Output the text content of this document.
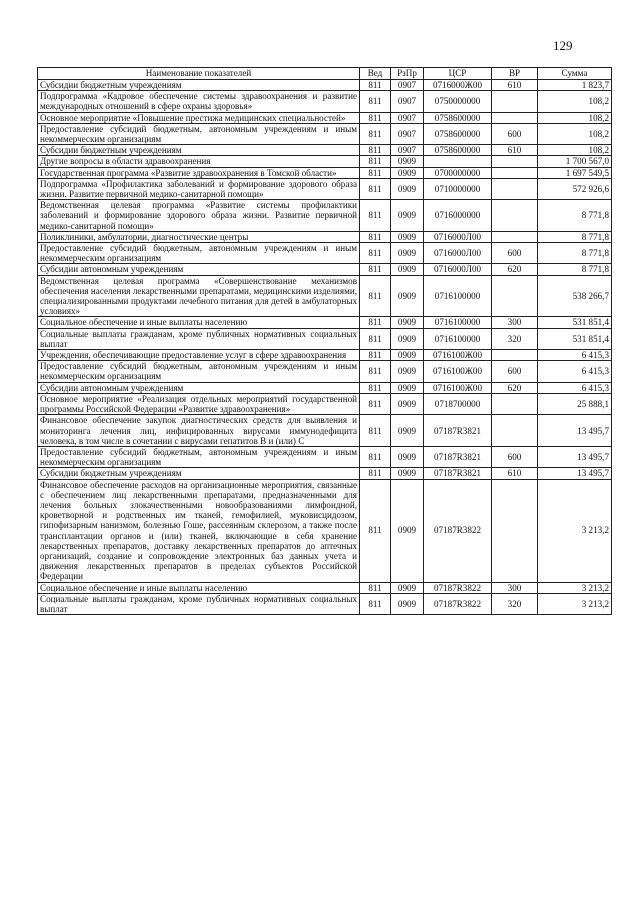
129
Наименование показателей	Вед	РзПр	ЦСР	ВР	Сумма
Субсидии бюджетным учреждениям	811	0907	0716000Ж00	610	1 823,7
Подпрограмма «Кадровое обеспечение системы здравоохранения и развитие международных отношений в сфере охраны здоровья»	811	0907	0750000000		108,2
Основное мероприятие «Повышение престижа медицинских специальностей»	811	0907	0758600000		108,2
Предоставление субсидий бюджетным, автономным учреждениям и иным некоммерческим организациям	811	0907	0758600000	600	108,2
Субсидии бюджетным учреждениям	811	0907	0758600000	610	108,2
Другие вопросы в области здравоохранения	811	0909			1 700 567,0
Государственная программа «Развитие здравоохранения в Томской области»	811	0909	0700000000		1 697 549,5
Подпрограмма «Профилактика заболеваний и формирование здорового образа жизни. Развитие первичной медико-санитарной помощи»	811	0909	0710000000		572 926,6
Ведомственная целевая программа «Развитие системы профилактики заболеваний и формирование здорового образа жизни. Развитие первичной медико-санитарной помощи»	811	0909	0716000000		8 771,8
Поликлиники, амбулатории, диагностические центры	811	0909	0716000Л00		8 771,8
Предоставление субсидий бюджетным, автономным учреждениям и иным некоммерческим организациям	811	0909	0716000Л00	600	8 771,8
Субсидии автономным учреждениям	811	0909	0716000Л00	620	8 771,8
Ведомственная целевая программа «Совершенствование механизмов обеспечения населения лекарственными препаратами, медицинскими изделиями, специализированными продуктами лечебного питания для детей в амбулаторных условиях»	811	0909	0716100000		538 266,7
Социальное обеспечение и иные выплаты населению	811	0909	0716100000	300	531 851,4
Социальные выплаты гражданам, кроме публичных нормативных социальных выплат	811	0909	0716100000	320	531 851,4
Учреждения, обеспечивающие предоставление услуг в сфере здравоохранения	811	0909	0716100Ж00		6 415,3
Предоставление субсидий бюджетным, автономным учреждениям и иным некоммерческим организациям	811	0909	0716100Ж00	600	6 415,3
Субсидии автономным учреждениям	811	0909	0716100Ж00	620	6 415,3
Основное мероприятие «Реализация отдельных мероприятий государственной программы Российской Федерации «Развитие здравоохранения»	811	0909	0718700000		25 888,1
Финансовое обеспечение закупок диагностических средств для выявления и мониторинга лечения лиц, инфицированных вирусами иммунодефицита человека, в том числе в сочетании с вирусами гепатитов B и (или) C	811	0909	07187R3821		13 495,7
Предоставление субсидий бюджетным, автономным учреждениям и иным некоммерческим организациям	811	0909	07187R3821	600	13 495,7
Субсидии бюджетным учреждениям	811	0909	07187R3821	610	13 495,7
Финансовое обеспечение расходов на организационные мероприятия, связанные с обеспечением лиц лекарственными препаратами, предназначенными для лечения больных злокачественными новообразованиями лимфоидной, кроветворной и родственных им тканей, гемофилией, муковисцидозом, гипофизарным нанизмом, болезнью Гоше, рассеянным склерозом, а также после трансплантации органов и (или) тканей, включающие в себя хранение лекарственных препаратов, доставку лекарственных препаратов до аптечных организаций, создание и сопровождение электронных баз данных учета и движения лекарственных препаратов в пределах субъектов Российской Федерации	811	0909	07187R3822		3 213,2
Социальное обеспечение и иные выплаты населению	811	0909	07187R3822	300	3 213,2
Социальные выплаты гражданам, кроме публичных нормативных социальных выплат	811	0909	07187R3822	320	3 213,2
